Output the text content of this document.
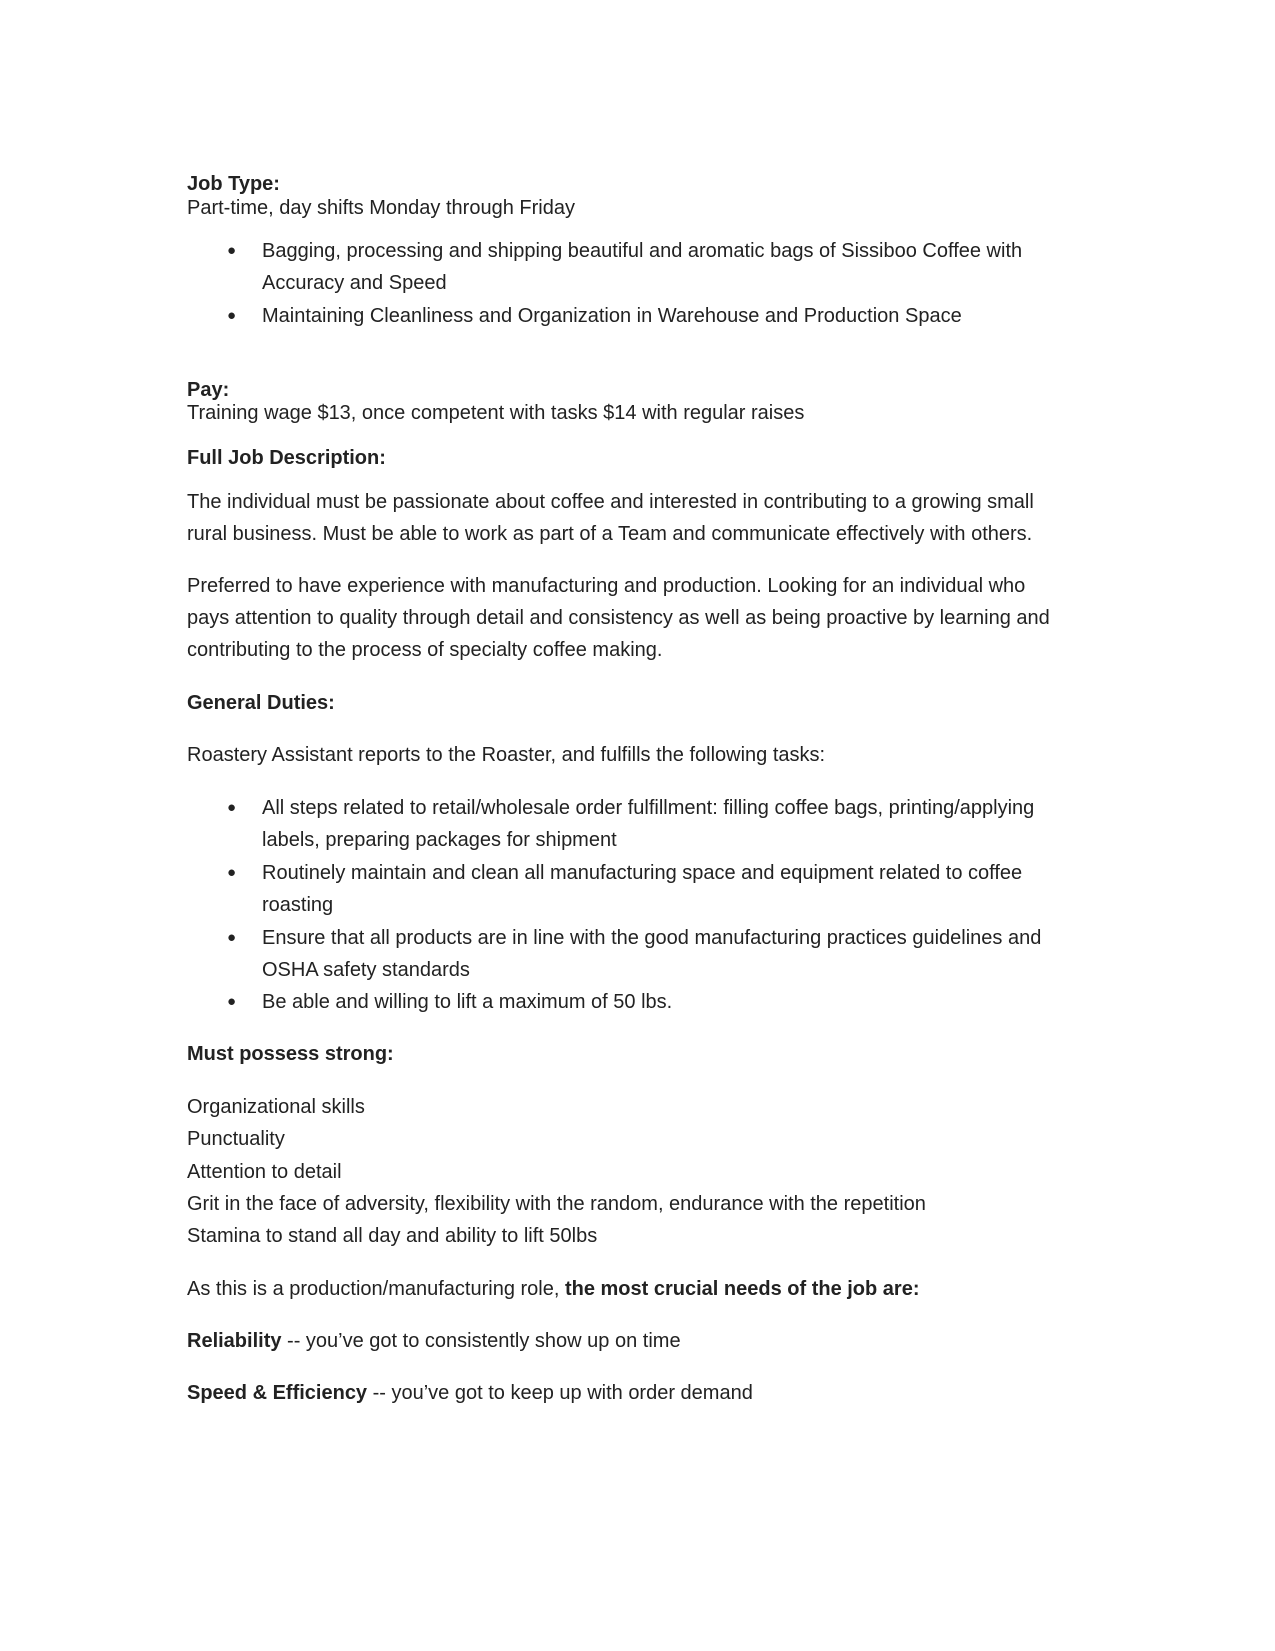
Job Type:
Part-time, day shifts Monday through Friday
● Bagging, processing and shipping beautiful and aromatic bags of Sissiboo Coffee with
Accuracy and Speed
● Maintaining Cleanliness and Organization in Warehouse and Production Space
Pay:
Training wage $13, once competent with tasks $14 with regular raises
Full Job Description:
The individual must be passionate about coffee and interested in contributing to a growing small
rural business. Must be able to work as part of a Team and communicate effectively with others.
Preferred to have experience with manufacturing and production. Looking for an individual who
pays attention to quality through detail and consistency as well as being proactive by learning and
contributing to the process of specialty coffee making.
General Duties:
Roastery Assistant reports to the Roaster, and fulfills the following tasks:
● All steps related to retail/wholesale order fulfillment: filling coffee bags, printing/applying
labels, preparing packages for shipment
● Routinely maintain and clean all manufacturing space and equipment related to coffee
roasting
● Ensure that all products are in line with the good manufacturing practices guidelines and
OSHA safety standards
● Be able and willing to lift a maximum of 50 lbs.
Must possess strong:
Organizational skills
Punctuality
Attention to detail
Grit in the face of adversity, flexibility with the random, endurance with the repetition
Stamina to stand all day and ability to lift 50lbs
As this is a production/manufacturing role, the most crucial needs of the job are:
Reliability -- you’ve got to consistently show up on time
Speed & Efficiency -- you’ve got to keep up with order demand
